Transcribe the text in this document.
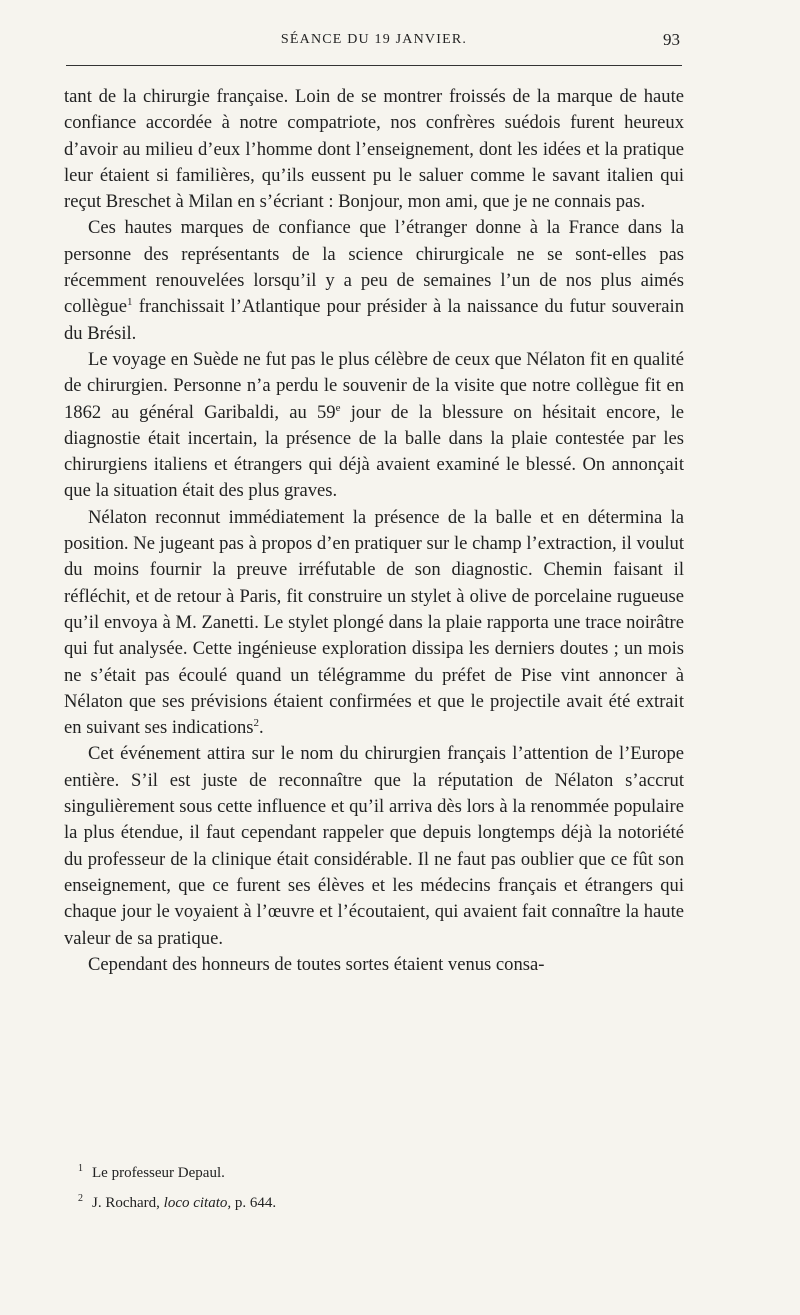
SÉANCE DU 19 JANVIER.	93

tant de la chirurgie française. Loin de se montrer froissés de la marque de haute confiance accordée à notre compatriote, nos confrères suédois furent heureux d’avoir au milieu d’eux l’homme dont l’enseignement, dont les idées et la pratique leur étaient si familières, qu’ils eussent pu le saluer comme le savant italien qui reçut Breschet à Milan en s’écriant : Bonjour, mon ami, que je ne connais pas.

Ces hautes marques de confiance que l’étranger donne à la France dans la personne des représentants de la science chirurgicale ne se sont-elles pas récemment renouvelées lorsqu’il y a peu de semaines l’un de nos plus aimés collègue$^1$ franchissait l’Atlantique pour présider à la naissance du futur souverain du Brésil.

Le voyage en Suède ne fut pas le plus célèbre de ceux que Nélaton fit en qualité de chirurgien. Personne n’a perdu le souvenir de la visite que notre collègue fit en 1862 au général Garibaldi, au 59e jour de la blessure on hésitait encore, le diagnostie était incertain, la présence de la balle dans la plaie contestée par les chirurgiens italiens et étrangers qui déjà avaient examiné le blessé. On annonçait que la situation était des plus graves.

Nélaton reconnut immédiatement la présence de la balle et en détermina la position. Ne jugeant pas à propos d’en pratiquer sur le champ l’extraction, il voulut du moins fournir la preuve irréfutable de son diagnostic. Chemin faisant il réfléchit, et de retour à Paris, fit construire un stylet à olive de porcelaine rugueuse qu’il envoya à M. Zanetti. Le stylet plongé dans la plaie rapporta une trace noirâtre qui fut analysée. Cette ingénieuse exploration dissipa les derniers doutes ; un mois ne s’était pas écoulé quand un télégramme du préfet de Pise vint annoncer à Nélaton que ses prévisions étaient confirmées et que le projectile avait été extrait en suivant ses indications$^2$.

Cet événement attira sur le nom du chirurgien français l’attention de l’Europe entière. S’il est juste de reconnaître que la réputation de Nélaton s’accrut singulièrement sous cette influence et qu’il arriva dès lors à la renommée populaire la plus étendue, il faut cependant rappeler que depuis longtemps déjà la notoriété du professeur de la clinique était considérable. Il ne faut pas oublier que ce fût son enseignement, que ce furent ses élèves et les médecins français et étrangers qui chaque jour le voyaient à l’œuvre et l’écoutaient, qui avaient fait connaître la haute valeur de sa pratique.

Cependant des honneurs de toutes sortes étaient venus consa-

1 Le professeur Depaul.
2 J. Rochard, loco citato, p. 644.
